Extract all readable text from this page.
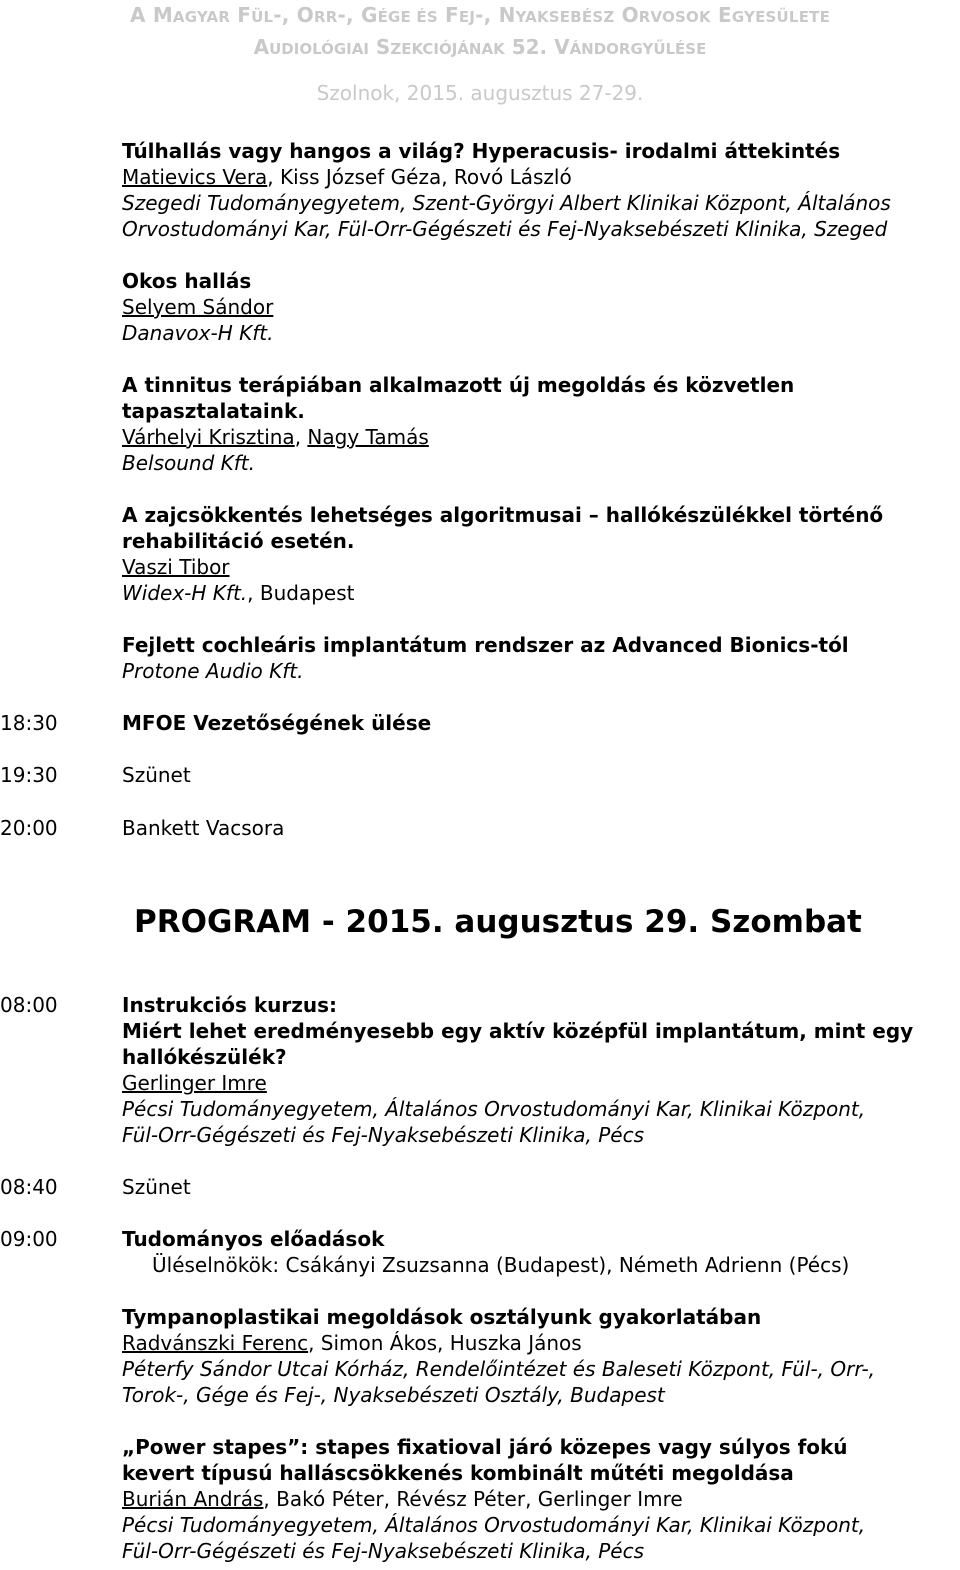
A MAGYAR FÜL-, ORR-, GÉGE ÉS FEJ-, NYAKSEBÉSZ ORVOSOK EGYESÜLETE
AUDIOLÓGIAI SZEKCIÓJÁNAK 52. VÁNDORGYŰLÉSE
Szolnok, 2015. augusztus 27-29.
Túlhallás vagy hangos a világ? Hyperacusis- irodalmi áttekintés
Matievics Vera, Kiss József Géza, Rovó László
Szegedi Tudományegyetem, Szent-Györgyi Albert Klinikai Központ, Általános
Orvostudományi Kar, Fül-Orr-Gégészeti és Fej-Nyaksebészeti Klinika, Szeged
Okos hallás
Selyem Sándor
Danavox-H Kft.
A tinnitus terápiában alkalmazott új megoldás és közvetlen
tapasztalataink.
Várhelyi Krisztina, Nagy Tamás
Belsound Kft.
A zajcsökkentés lehetséges algoritmusai – hallókészülékkel történő
rehabilitáció esetén.
Vaszi Tibor
Widex-H Kft., Budapest
Fejlett cochleáris implantátum rendszer az Advanced Bionics-tól
Protone Audio Kft.
18:30	MFOE Vezetőségének ülése
19:30	Szünet
20:00	Bankett Vacsora
PROGRAM - 2015. augusztus 29. Szombat
08:00	Instrukciós kurzus:
Miért lehet eredményesebb egy aktív középfül implantátum, mint egy
hallókészülék?
Gerlinger Imre
Pécsi Tudományegyetem, Általános Orvostudományi Kar, Klinikai Központ,
Fül-Orr-Gégészeti és Fej-Nyaksebészeti Klinika, Pécs
08:40	Szünet
09:00	Tudományos előadások
Üléselnökök: Csákányi Zsuzsanna (Budapest), Németh Adrienn (Pécs)
Tympanoplastikai megoldások osztályunk gyakorlatában
Radvánszki Ferenc, Simon Ákos, Huszka János
Péterfy Sándor Utcai Kórház, Rendelőintézet és Baleseti Központ, Fül-, Orr-,
Torok-, Gége és Fej-, Nyaksebészeti Osztály, Budapest
„Power stapes”: stapes fixatioval járó közepes vagy súlyos fokú
kevert típusú halláscsökkenés kombinált műtéti megoldása
Burián András, Bakó Péter, Révész Péter, Gerlinger Imre
Pécsi Tudományegyetem, Általános Orvostudományi Kar, Klinikai Központ,
Fül-Orr-Gégészeti és Fej-Nyaksebészeti Klinika, Pécs
